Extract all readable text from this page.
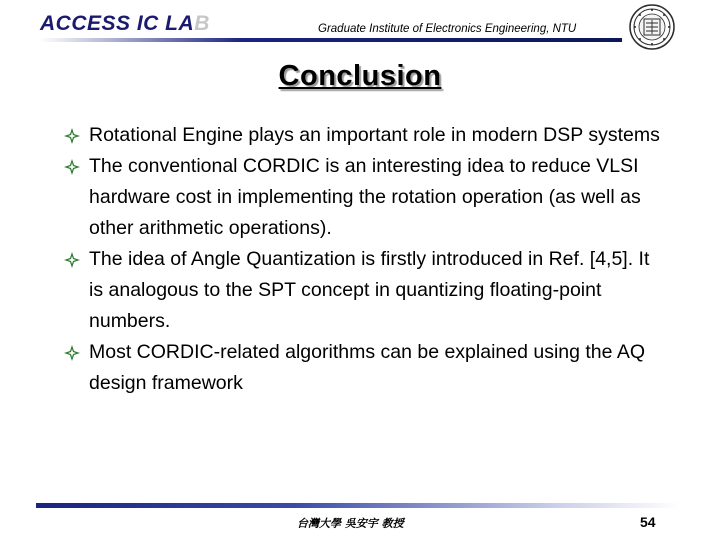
ACCESS IC LAB	Graduate Institute of Electronics Engineering, NTU
Conclusion
Rotational Engine plays an important role in modern DSP systems
The conventional CORDIC is an interesting idea to reduce VLSI hardware cost in implementing the rotation operation (as well as other arithmetic operations).
The idea of Angle Quantization is firstly introduced in Ref. [4,5]. It is analogous to the SPT concept in quantizing floating-point numbers.
Most CORDIC-related algorithms can be explained using the AQ design framework
台灣大學 吳安宇 教授	54
